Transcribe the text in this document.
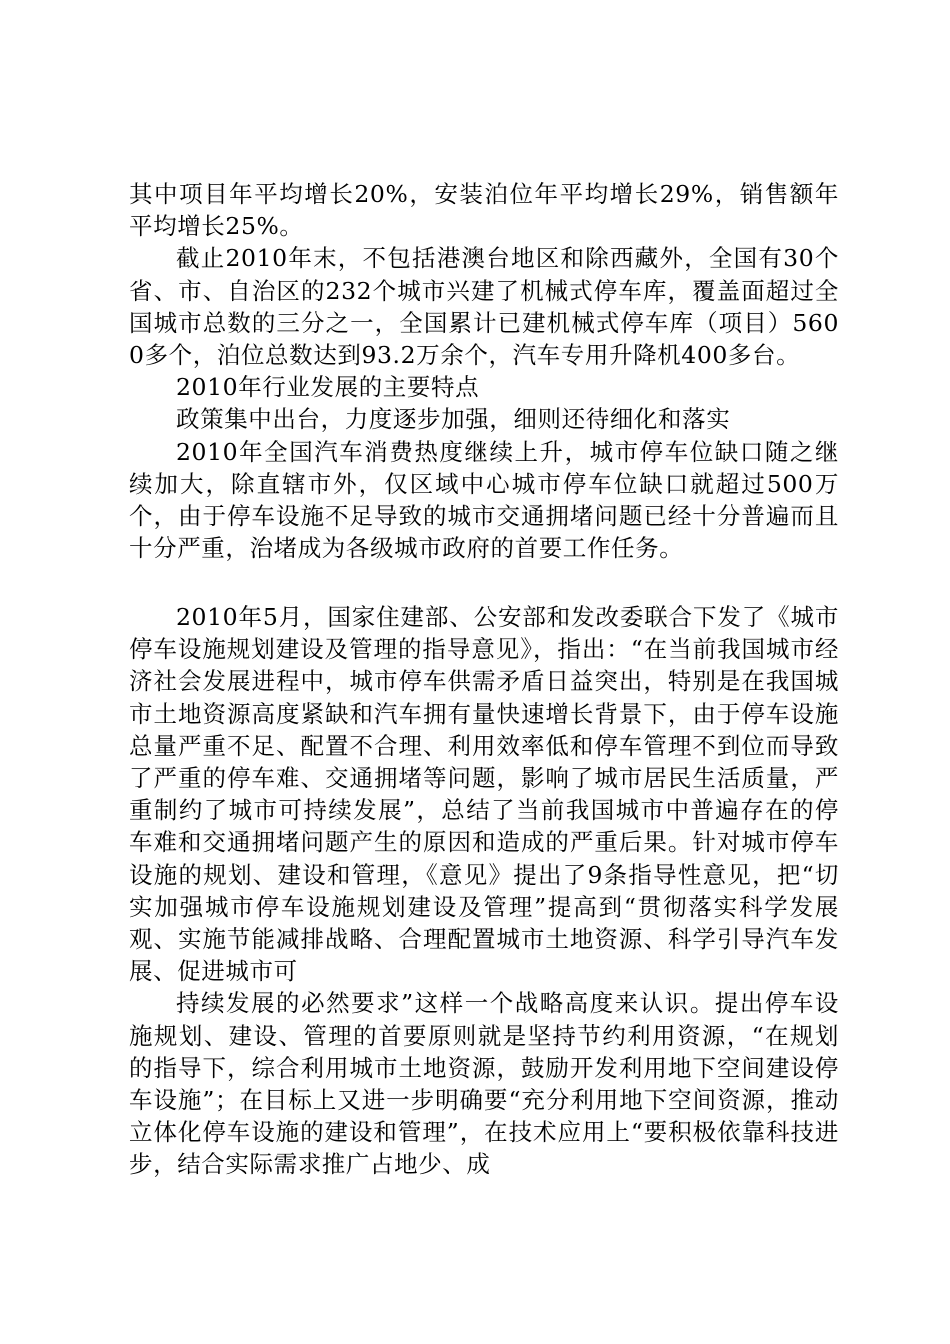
其中项目年平均增长20%，安装泊位年平均增长29%，销售额年平均增长25%。

截止2010年末，不包括港澳台地区和除西藏外，全国有30个省、市、自治区的232个城市兴建了机械式停车库，覆盖面超过全国城市总数的三分之一，全国累计已建机械式停车库（项目）5600多个，泊位总数达到93.2万余个，汽车专用升降机400多台。

2010年行业发展的主要特点

政策集中出台，力度逐步加强，细则还待细化和落实

2010年全国汽车消费热度继续上升，城市停车位缺口随之继续加大，除直辖市外，仅区域中心城市停车位缺口就超过500万个，由于停车设施不足导致的城市交通拥堵问题已经十分普遍而且十分严重，治堵成为各级城市政府的首要工作任务。

2010年5月，国家住建部、公安部和发改委联合下发了《城市停车设施规划建设及管理的指导意见》，指出：“在当前我国城市经济社会发展进程中，城市停车供需矛盾日益突出，特别是在我国城市土地资源高度紧缺和汽车拥有量快速增长背景下，由于停车设施总量严重不足、配置不合理、利用效率低和停车管理不到位而导致了严重的停车难、交通拥堵等问题，影响了城市居民生活质量，严重制约了城市可持续发展”，总结了当前我国城市中普遍存在的停车难和交通拥堵问题产生的原因和造成的严重后果。针对城市停车设施的规划、建设和管理，《意见》提出了9条指导性意见，把“切实加强城市停车设施规划建设及管理”提高到“贯彻落实科学发展观、实施节能减排战略、合理配置城市土地资源、科学引导汽车发展、促进城市可

持续发展的必然要求”这样一个战略高度来认识。提出停车设施规划、建设、管理的首要原则就是坚持节约利用资源，“在规划的指导下，综合利用城市土地资源，鼓励开发利用地下空间建设停车设施”；在目标上又进一步明确要“充分利用地下空间资源，推动立体化停车设施的建设和管理”，在技术应用上“要积极依靠科技进步，结合实际需求推广占地少、成
